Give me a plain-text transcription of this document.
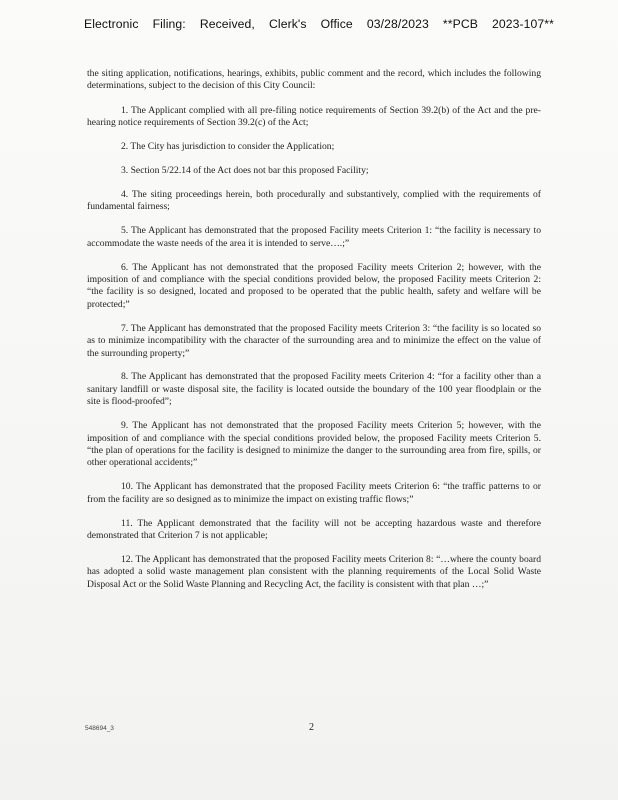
Electronic Filing: Received, Clerk's Office 03/28/2023 **PCB 2023-107**

the siting application, notifications, hearings, exhibits, public comment and the record, which includes the following determinations, subject to the decision of this City Council:

1. The Applicant complied with all pre-filing notice requirements of Section 39.2(b) of the Act and the pre-hearing notice requirements of Section 39.2(c) of the Act;

2. The City has jurisdiction to consider the Application;

3. Section 5/22.14 of the Act does not bar this proposed Facility;

4. The siting proceedings herein, both procedurally and substantively, complied with the requirements of fundamental fairness;

5. The Applicant has demonstrated that the proposed Facility meets Criterion 1: “the facility is necessary to accommodate the waste needs of the area it is intended to serve….;”

6. The Applicant has not demonstrated that the proposed Facility meets Criterion 2; however, with the imposition of and compliance with the special conditions provided below, the proposed Facility meets Criterion 2: “the facility is so designed, located and proposed to be operated that the public health, safety and welfare will be protected;”

7. The Applicant has demonstrated that the proposed Facility meets Criterion 3: “the facility is so located so as to minimize incompatibility with the character of the surrounding area and to minimize the effect on the value of the surrounding property;”

8. The Applicant has demonstrated that the proposed Facility meets Criterion 4: “for a facility other than a sanitary landfill or waste disposal site, the facility is located outside the boundary of the 100 year floodplain or the site is flood-proofed”;

9. The Applicant has not demonstrated that the proposed Facility meets Criterion 5; however, with the imposition of and compliance with the special conditions provided below, the proposed Facility meets Criterion 5. “the plan of operations for the facility is designed to minimize the danger to the surrounding area from fire, spills, or other operational accidents;”

10. The Applicant has demonstrated that the proposed Facility meets Criterion 6: “the traffic patterns to or from the facility are so designed as to minimize the impact on existing traffic flows;”

11. The Applicant demonstrated that the facility will not be accepting hazardous waste and therefore demonstrated that Criterion 7 is not applicable;

12. The Applicant has demonstrated that the proposed Facility meets Criterion 8: “…where the county board has adopted a solid waste management plan consistent with the planning requirements of the Local Solid Waste Disposal Act or the Solid Waste Planning and Recycling Act, the facility is consistent with that plan …;”

548694_3	2
